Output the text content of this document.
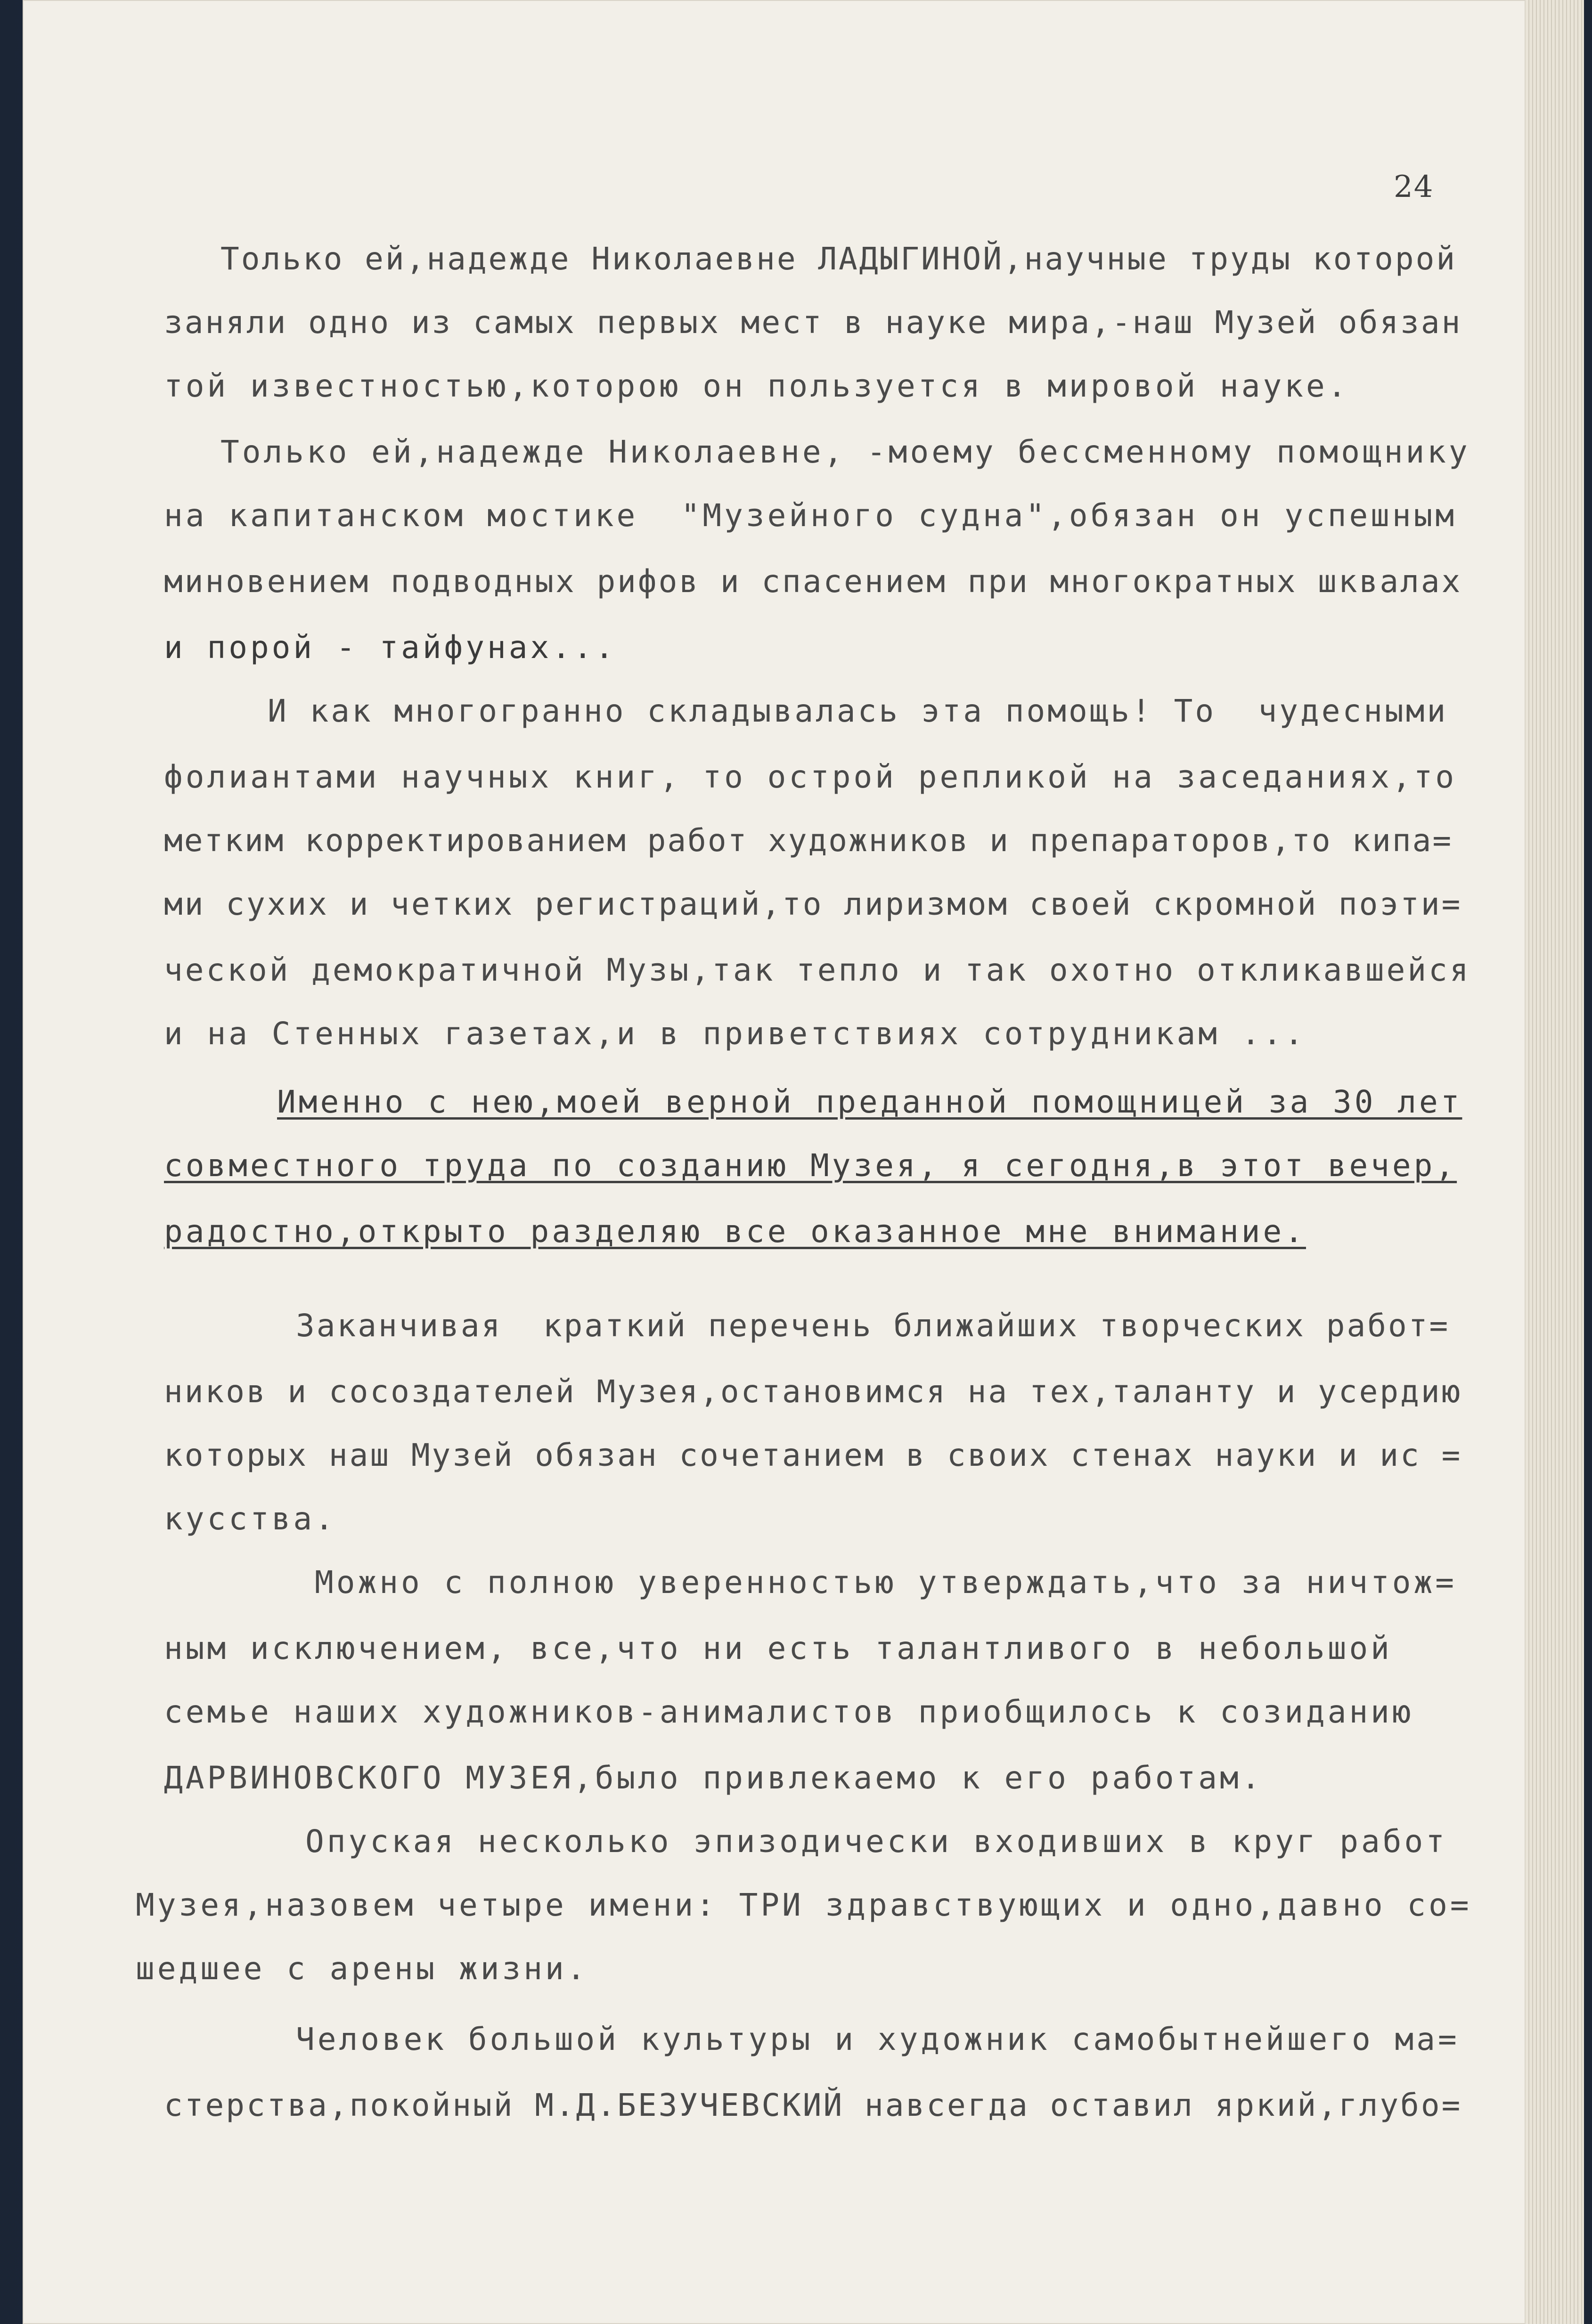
24

Только ей,надежде Николаевне ЛАДЫГИНОЙ,научные труды которой

заняли одно из самых первых мест в науке мира,-наш Музей обязан

той известностью,которою он пользуется в мировой науке.

Только ей,надежде Николаевне, -моему бессменному помощнику

на капитанском мостике  "Музейного судна",обязан он успешным

миновением подводных рифов и спасением при многократных шквалах

и порой - тайфунах...

И как многогранно складывалась эта помощь! То  чудесными

фолиантами научных книг, то острой репликой на заседаниях,то

метким корректированием работ художников и препараторов,то кипа=

ми сухих и четких регистраций,то лиризмом своей скромной поэти=

ческой демократичной Музы,так тепло и так охотно откликавшейся

и на Стенных газетах,и в приветствиях сотрудникам ...

Именно с нею,моей верной преданной помощницей за 30 лет

совместного труда по созданию Музея, я сегодня,в этот вечер,

радостно,открыто разделяю все оказанное мне внимание.

Заканчивая  краткий перечень ближайших творческих работ=

ников и сосоздателей Музея,остановимся на тех,таланту и усердию

которых наш Музей обязан сочетанием в своих стенах науки и ис =

кусства.

Можно с полною уверенностью утверждать,что за ничтож=

ным исключением, все,что ни есть талантливого в небольшой

семье наших художников-анималистов приобщилось к созиданию

ДАРВИНОВСКОГО МУЗЕЯ,было привлекаемо к его работам.

Опуская несколько эпизодически входивших в круг работ

Музея,назовем четыре имени: ТРИ здравствующих и одно,давно со=

шедшее с арены жизни.

Человек большой культуры и художник самобытнейшего ма=

стерства,покойный М.Д.БЕЗУЧЕВСКИЙ навсегда оставил яркий,глубо=
